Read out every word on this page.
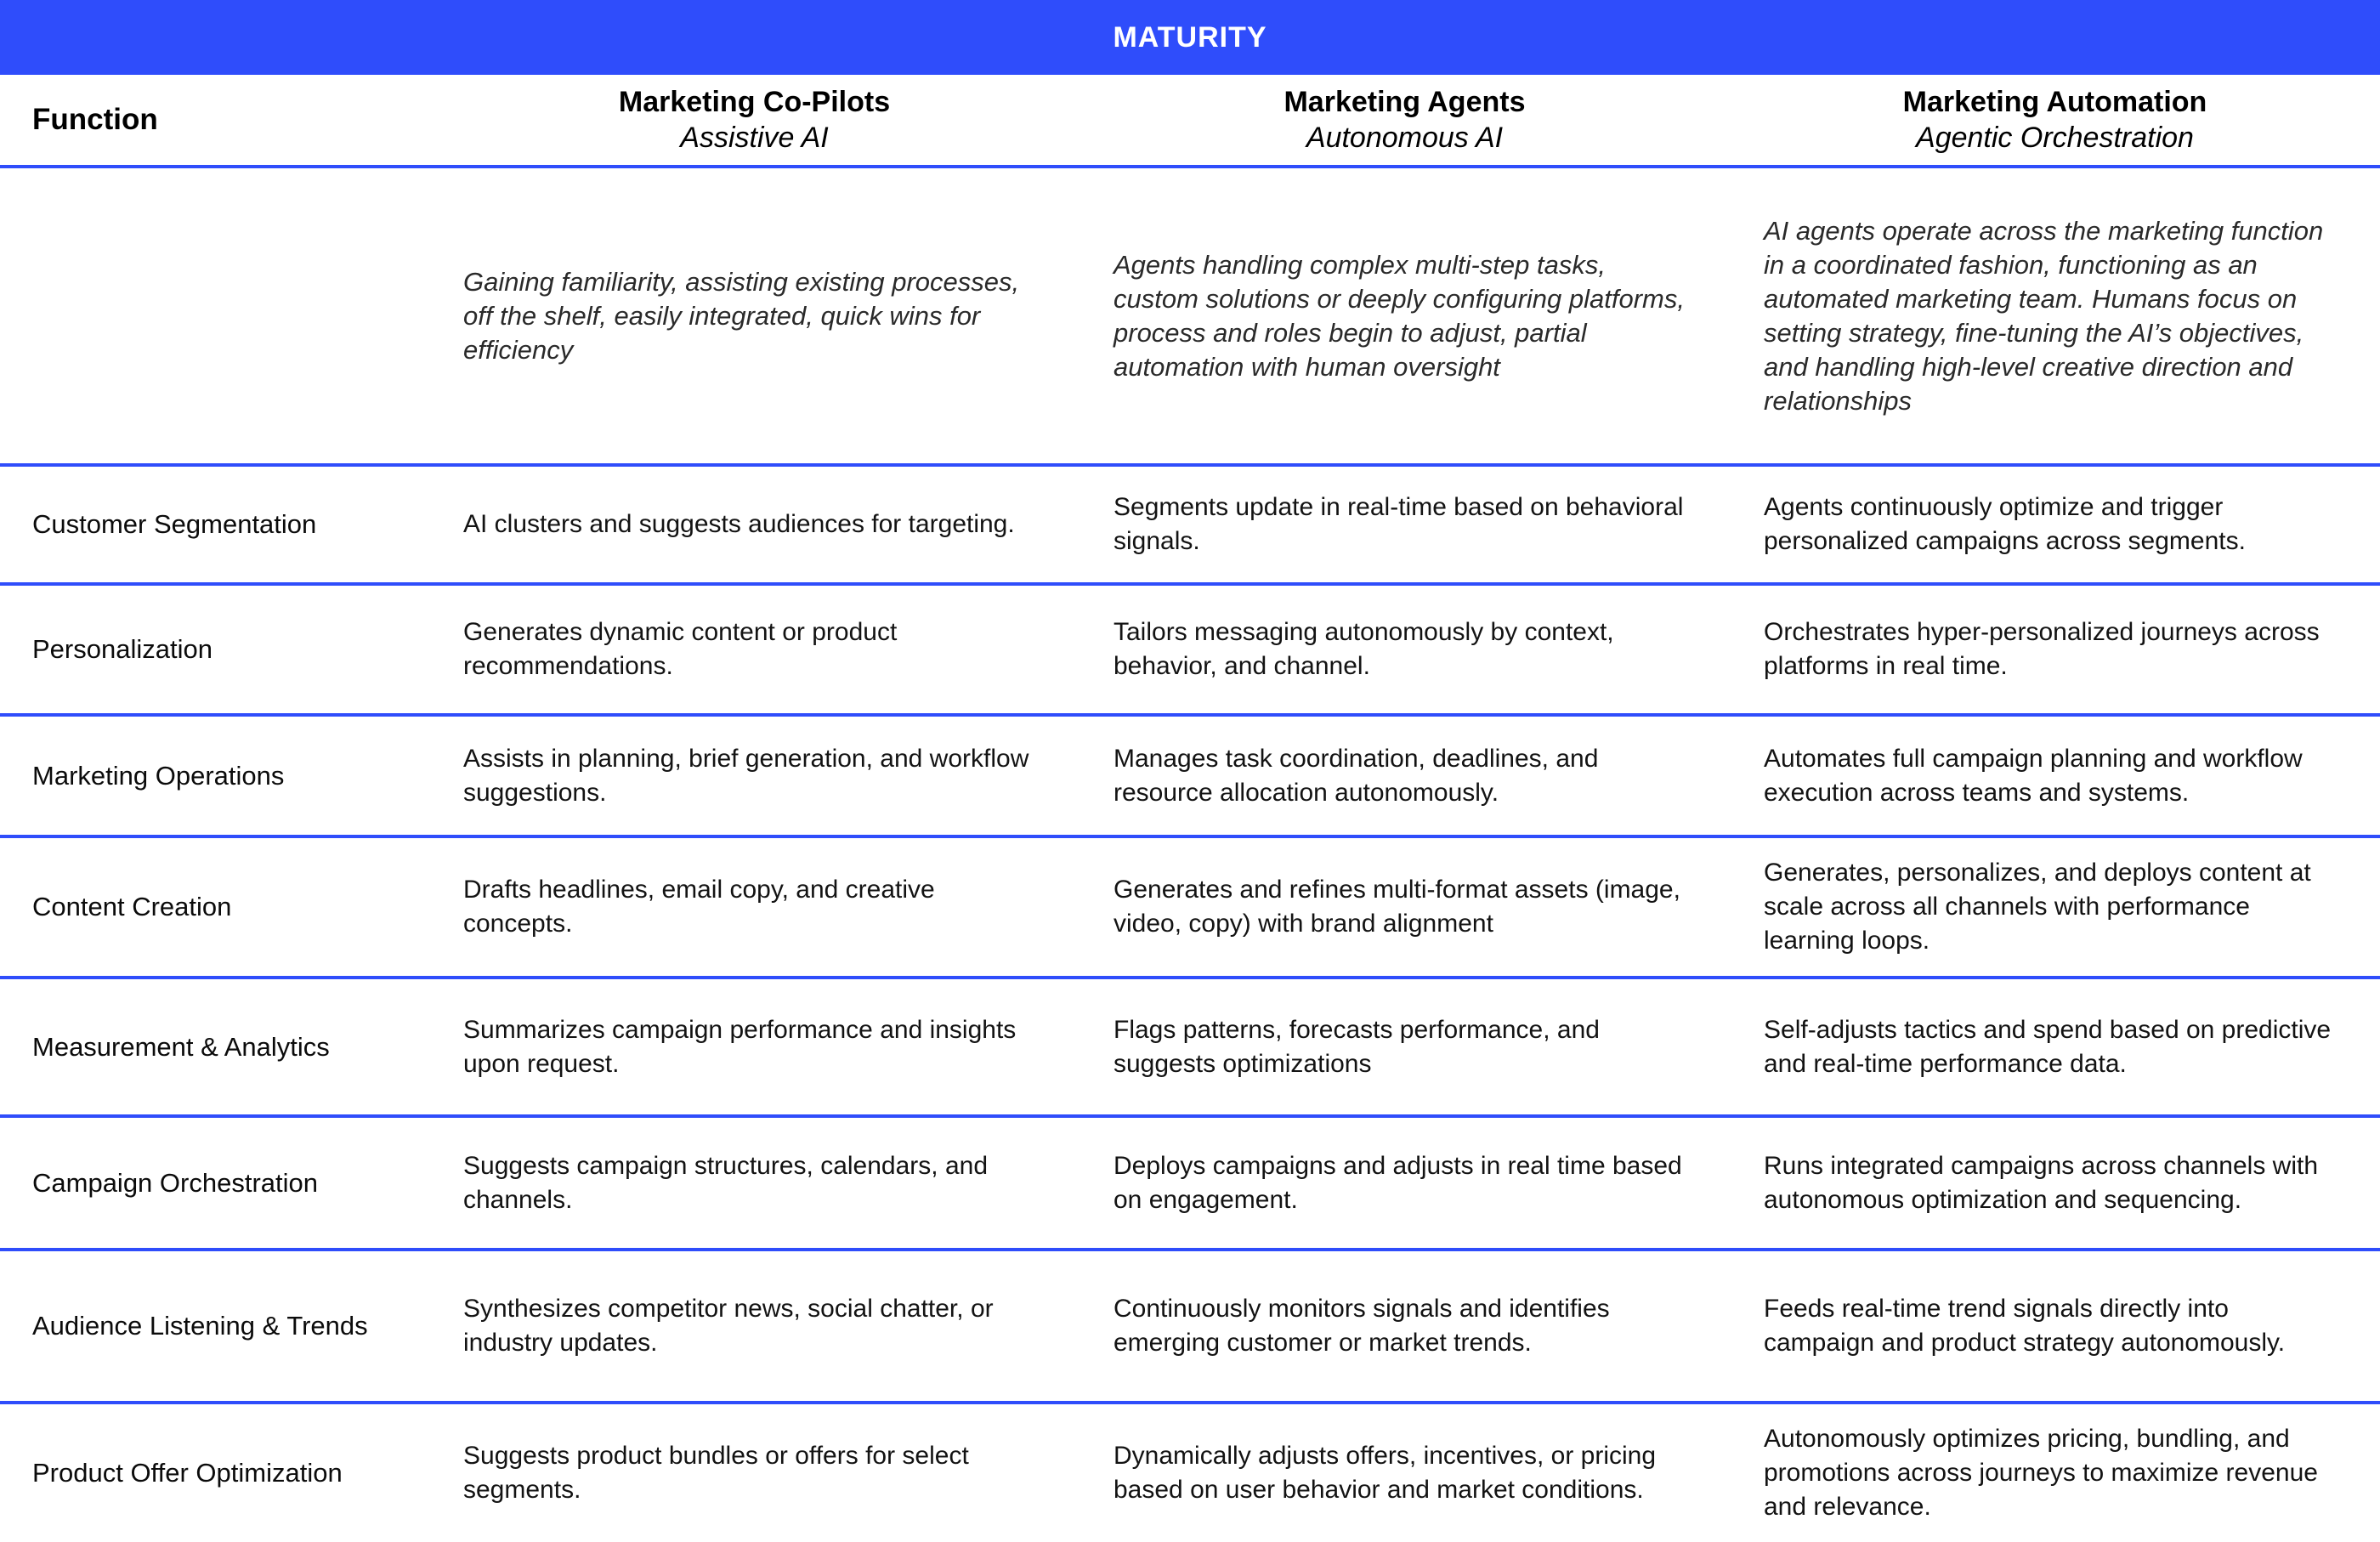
MATURITY
Function
Marketing Co-Pilots
Assistive AI
Marketing Agents
Autonomous AI
Marketing Automation
Agentic Orchestration
Gaining familiarity, assisting existing processes, off the shelf, easily integrated, quick wins for efficiency
Agents handling complex multi-step tasks, custom solutions or deeply configuring platforms, process and roles begin to adjust, partial automation with human oversight
AI agents operate across the marketing function in a coordinated fashion, functioning as an automated marketing team. Humans focus on setting strategy, fine-tuning the AI’s objectives, and handling high-level creative direction and relationships
Customer Segmentation	AI clusters and suggests audiences for targeting.
Segments update in real-time based on behavioral signals.
Agents continuously optimize and trigger personalized campaigns across segments.
Personalization
Generates dynamic content or product recommendations.
Tailors messaging autonomously by context, behavior, and channel.
Orchestrates hyper-personalized journeys across platforms in real time.
Marketing Operations
Assists in planning, brief generation, and workflow suggestions.
Manages task coordination, deadlines, and resource allocation autonomously.
Automates full campaign planning and workflow execution across teams and systems.
Content Creation
Drafts headlines, email copy, and creative concepts.
Generates and refines multi-format assets (image, video, copy) with brand alignment
Generates, personalizes, and deploys content at scale across all channels with performance learning loops.
Measurement & Analytics
Summarizes campaign performance and insights upon request.
Flags patterns, forecasts performance, and suggests optimizations
Self-adjusts tactics and spend based on predictive and real-time performance data.
Campaign Orchestration
Suggests campaign structures, calendars, and channels.
Deploys campaigns and adjusts in real time based on engagement.
Runs integrated campaigns across channels with autonomous optimization and sequencing.
Audience Listening & Trends
Synthesizes competitor news, social chatter, or industry updates.
Continuously monitors signals and identifies emerging customer or market trends.
Feeds real-time trend signals directly into campaign and product strategy autonomously.
Product Offer Optimization
Suggests product bundles or offers for select segments.
Dynamically adjusts offers, incentives, or pricing based on user behavior and market conditions.
Autonomously optimizes pricing, bundling, and promotions across journeys to maximize revenue and relevance.
